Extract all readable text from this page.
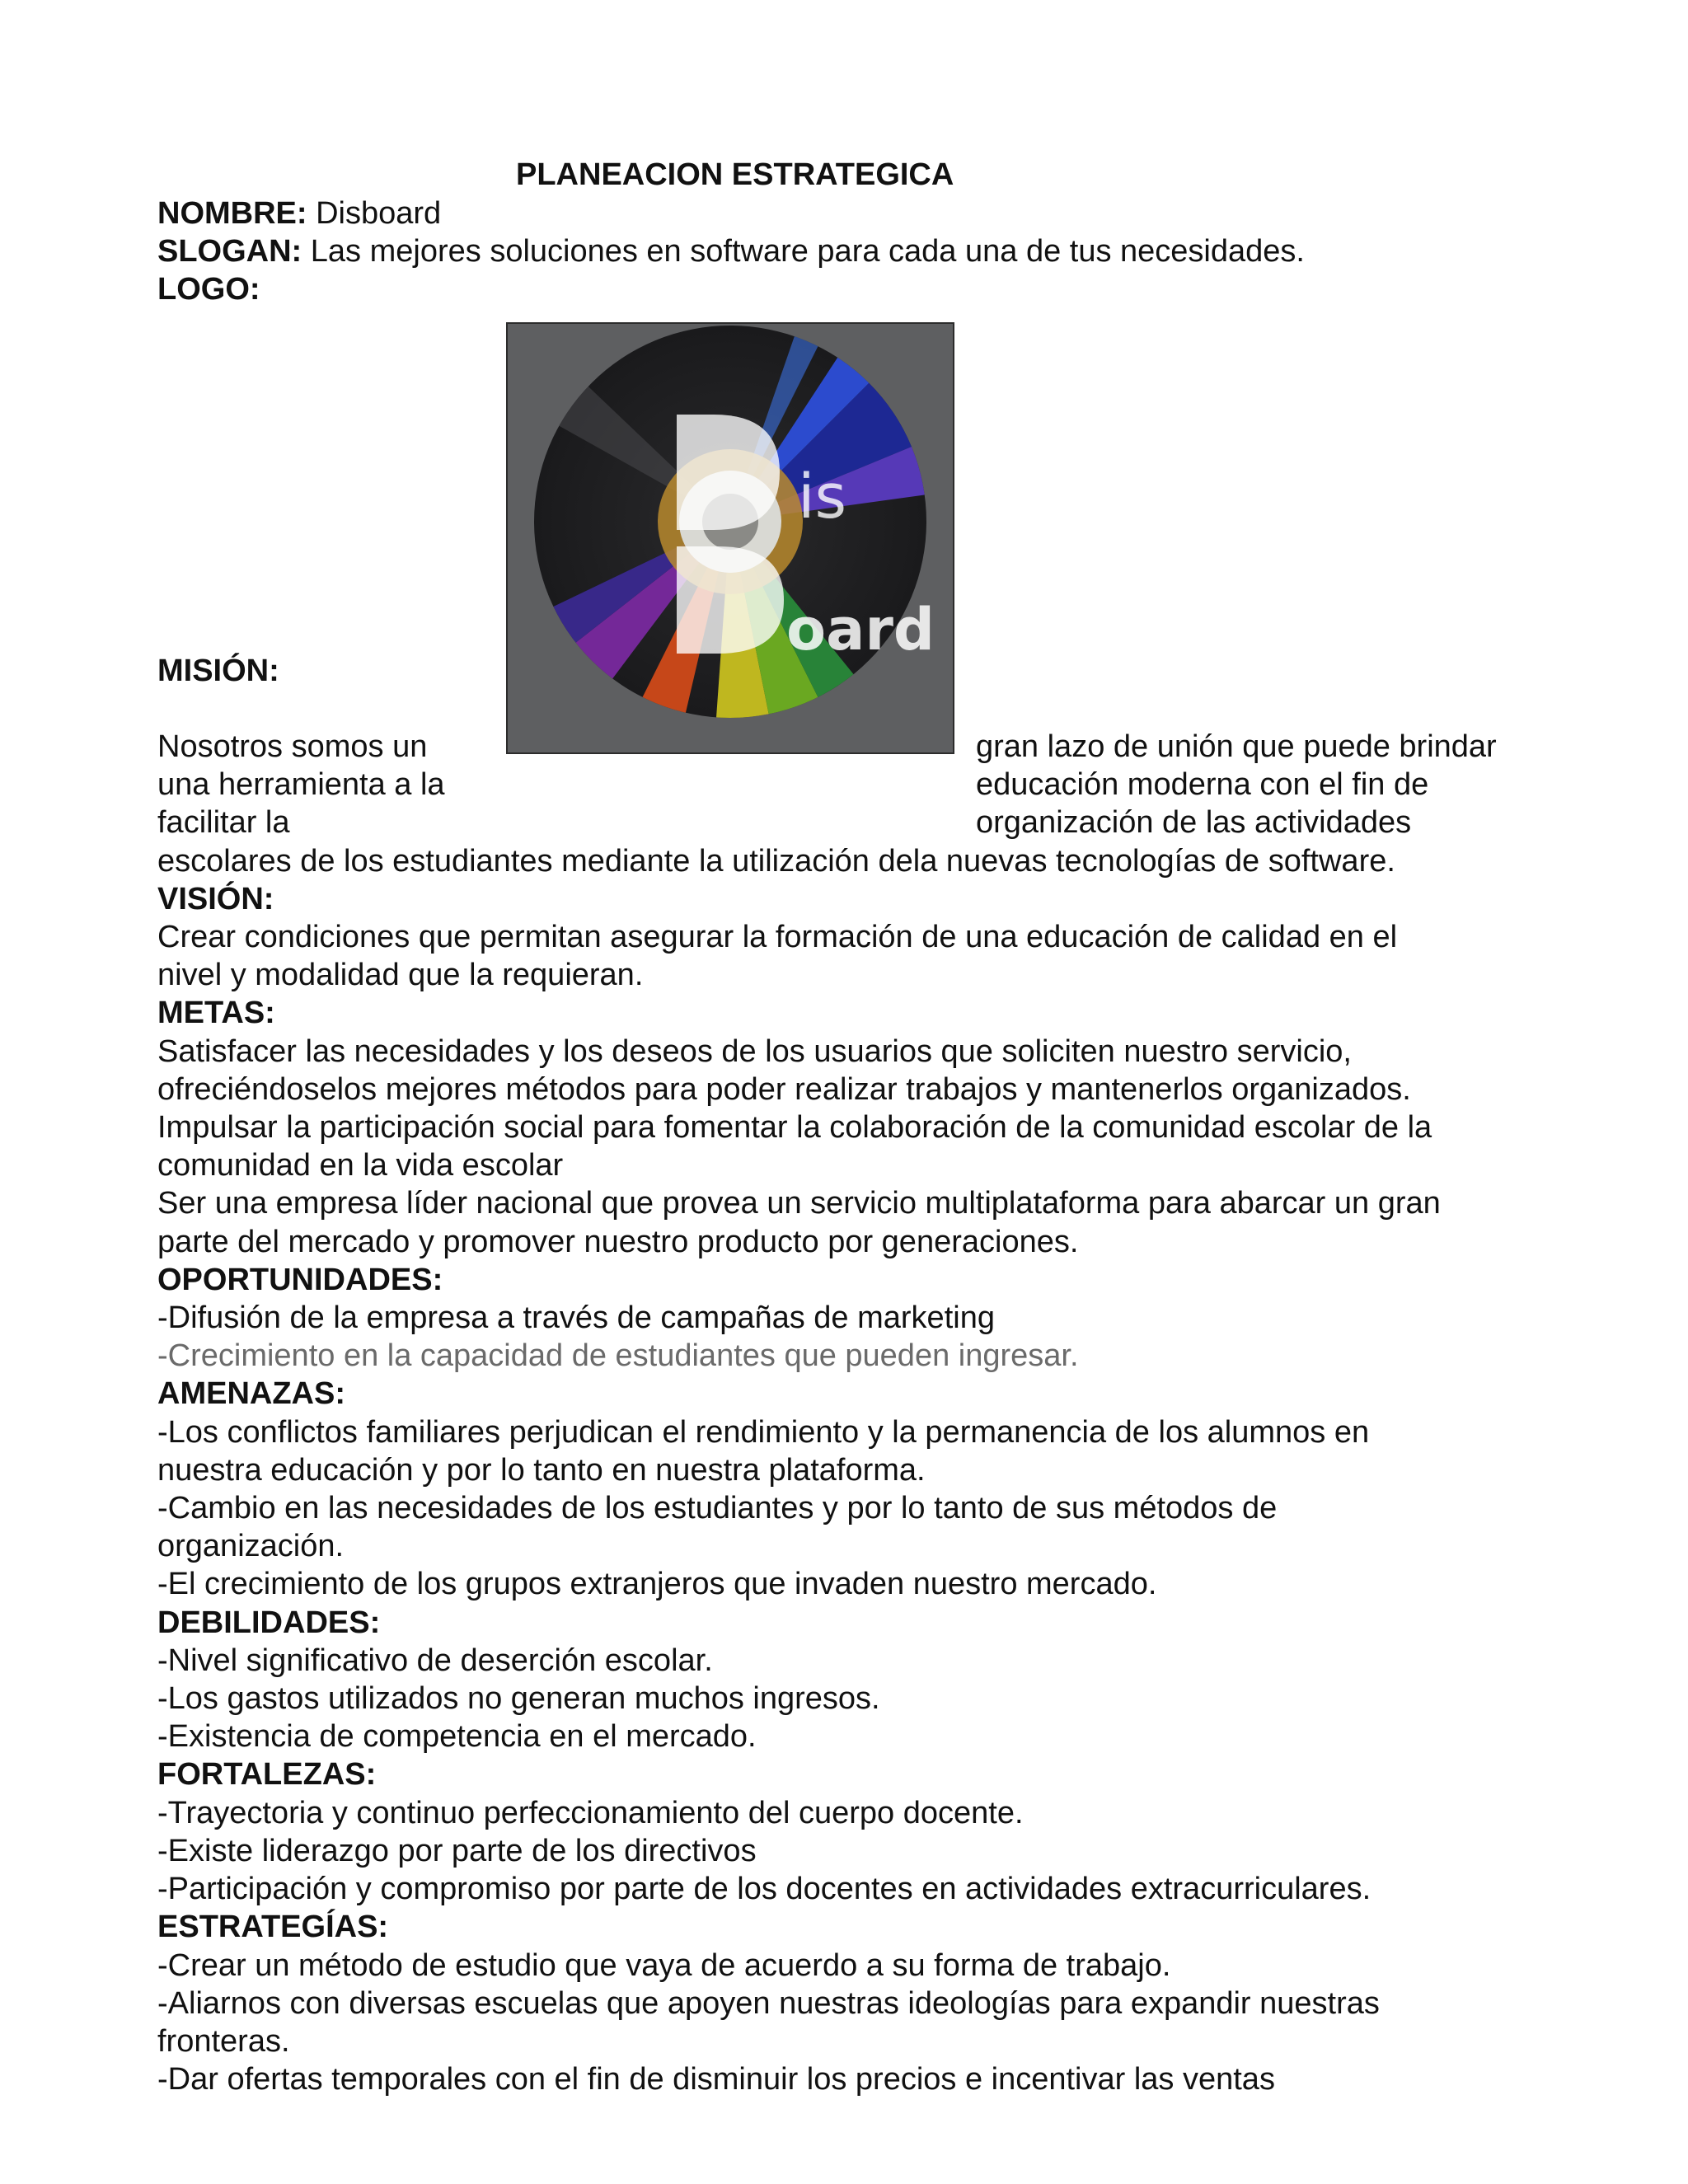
PLANEACION ESTRATEGICA

NOMBRE: Disboard

SLOGAN: Las mejores soluciones en software para cada una de tus necesidades.

LOGO:

MISIÓN:

Nosotros somos un

una herramienta a la

facilitar la

gran lazo de unión que puede brindar

educación moderna con el fin de

organización de las actividades

escolares de los estudiantes mediante la utilización dela nuevas tecnologías de software.

VISIÓN:

Crear condiciones que permitan asegurar la formación de una educación de calidad en el

nivel y modalidad que la requieran.

METAS:

Satisfacer las necesidades y los deseos de los usuarios que soliciten nuestro servicio,

ofreciéndoselos mejores métodos para poder realizar trabajos y mantenerlos organizados.

Impulsar la participación social para fomentar la colaboración de la comunidad escolar de la

comunidad en la vida escolar

Ser una empresa líder nacional que provea un servicio multiplataforma para abarcar un gran

parte del mercado y promover nuestro producto por generaciones.

OPORTUNIDADES:

-Difusión de la empresa a través de campañas de marketing

-Crecimiento en la capacidad de estudiantes que pueden ingresar.

AMENAZAS:

-Los conflictos familiares perjudican el rendimiento y la permanencia de los alumnos en

nuestra educación y por lo tanto en nuestra plataforma.

-Cambio en las necesidades de los estudiantes y por lo tanto de sus métodos de

organización.

-El crecimiento de los grupos extranjeros que invaden nuestro mercado.

DEBILIDADES:

-Nivel significativo de deserción escolar.

-Los gastos utilizados no generan muchos ingresos.

-Existencia de competencia en el mercado.

FORTALEZAS:

-Trayectoria y continuo perfeccionamiento del cuerpo docente.

-Existe liderazgo por parte de los directivos

-Participación y compromiso por parte de los docentes en actividades extracurriculares.

ESTRATEGÍAS:

-Crear un método de estudio que vaya de acuerdo a su forma de trabajo.

-Aliarnos con diversas escuelas que apoyen nuestras ideologías para expandir nuestras

fronteras.

-Dar ofertas temporales con el fin de disminuir los precios e incentivar las ventas

is
oard
